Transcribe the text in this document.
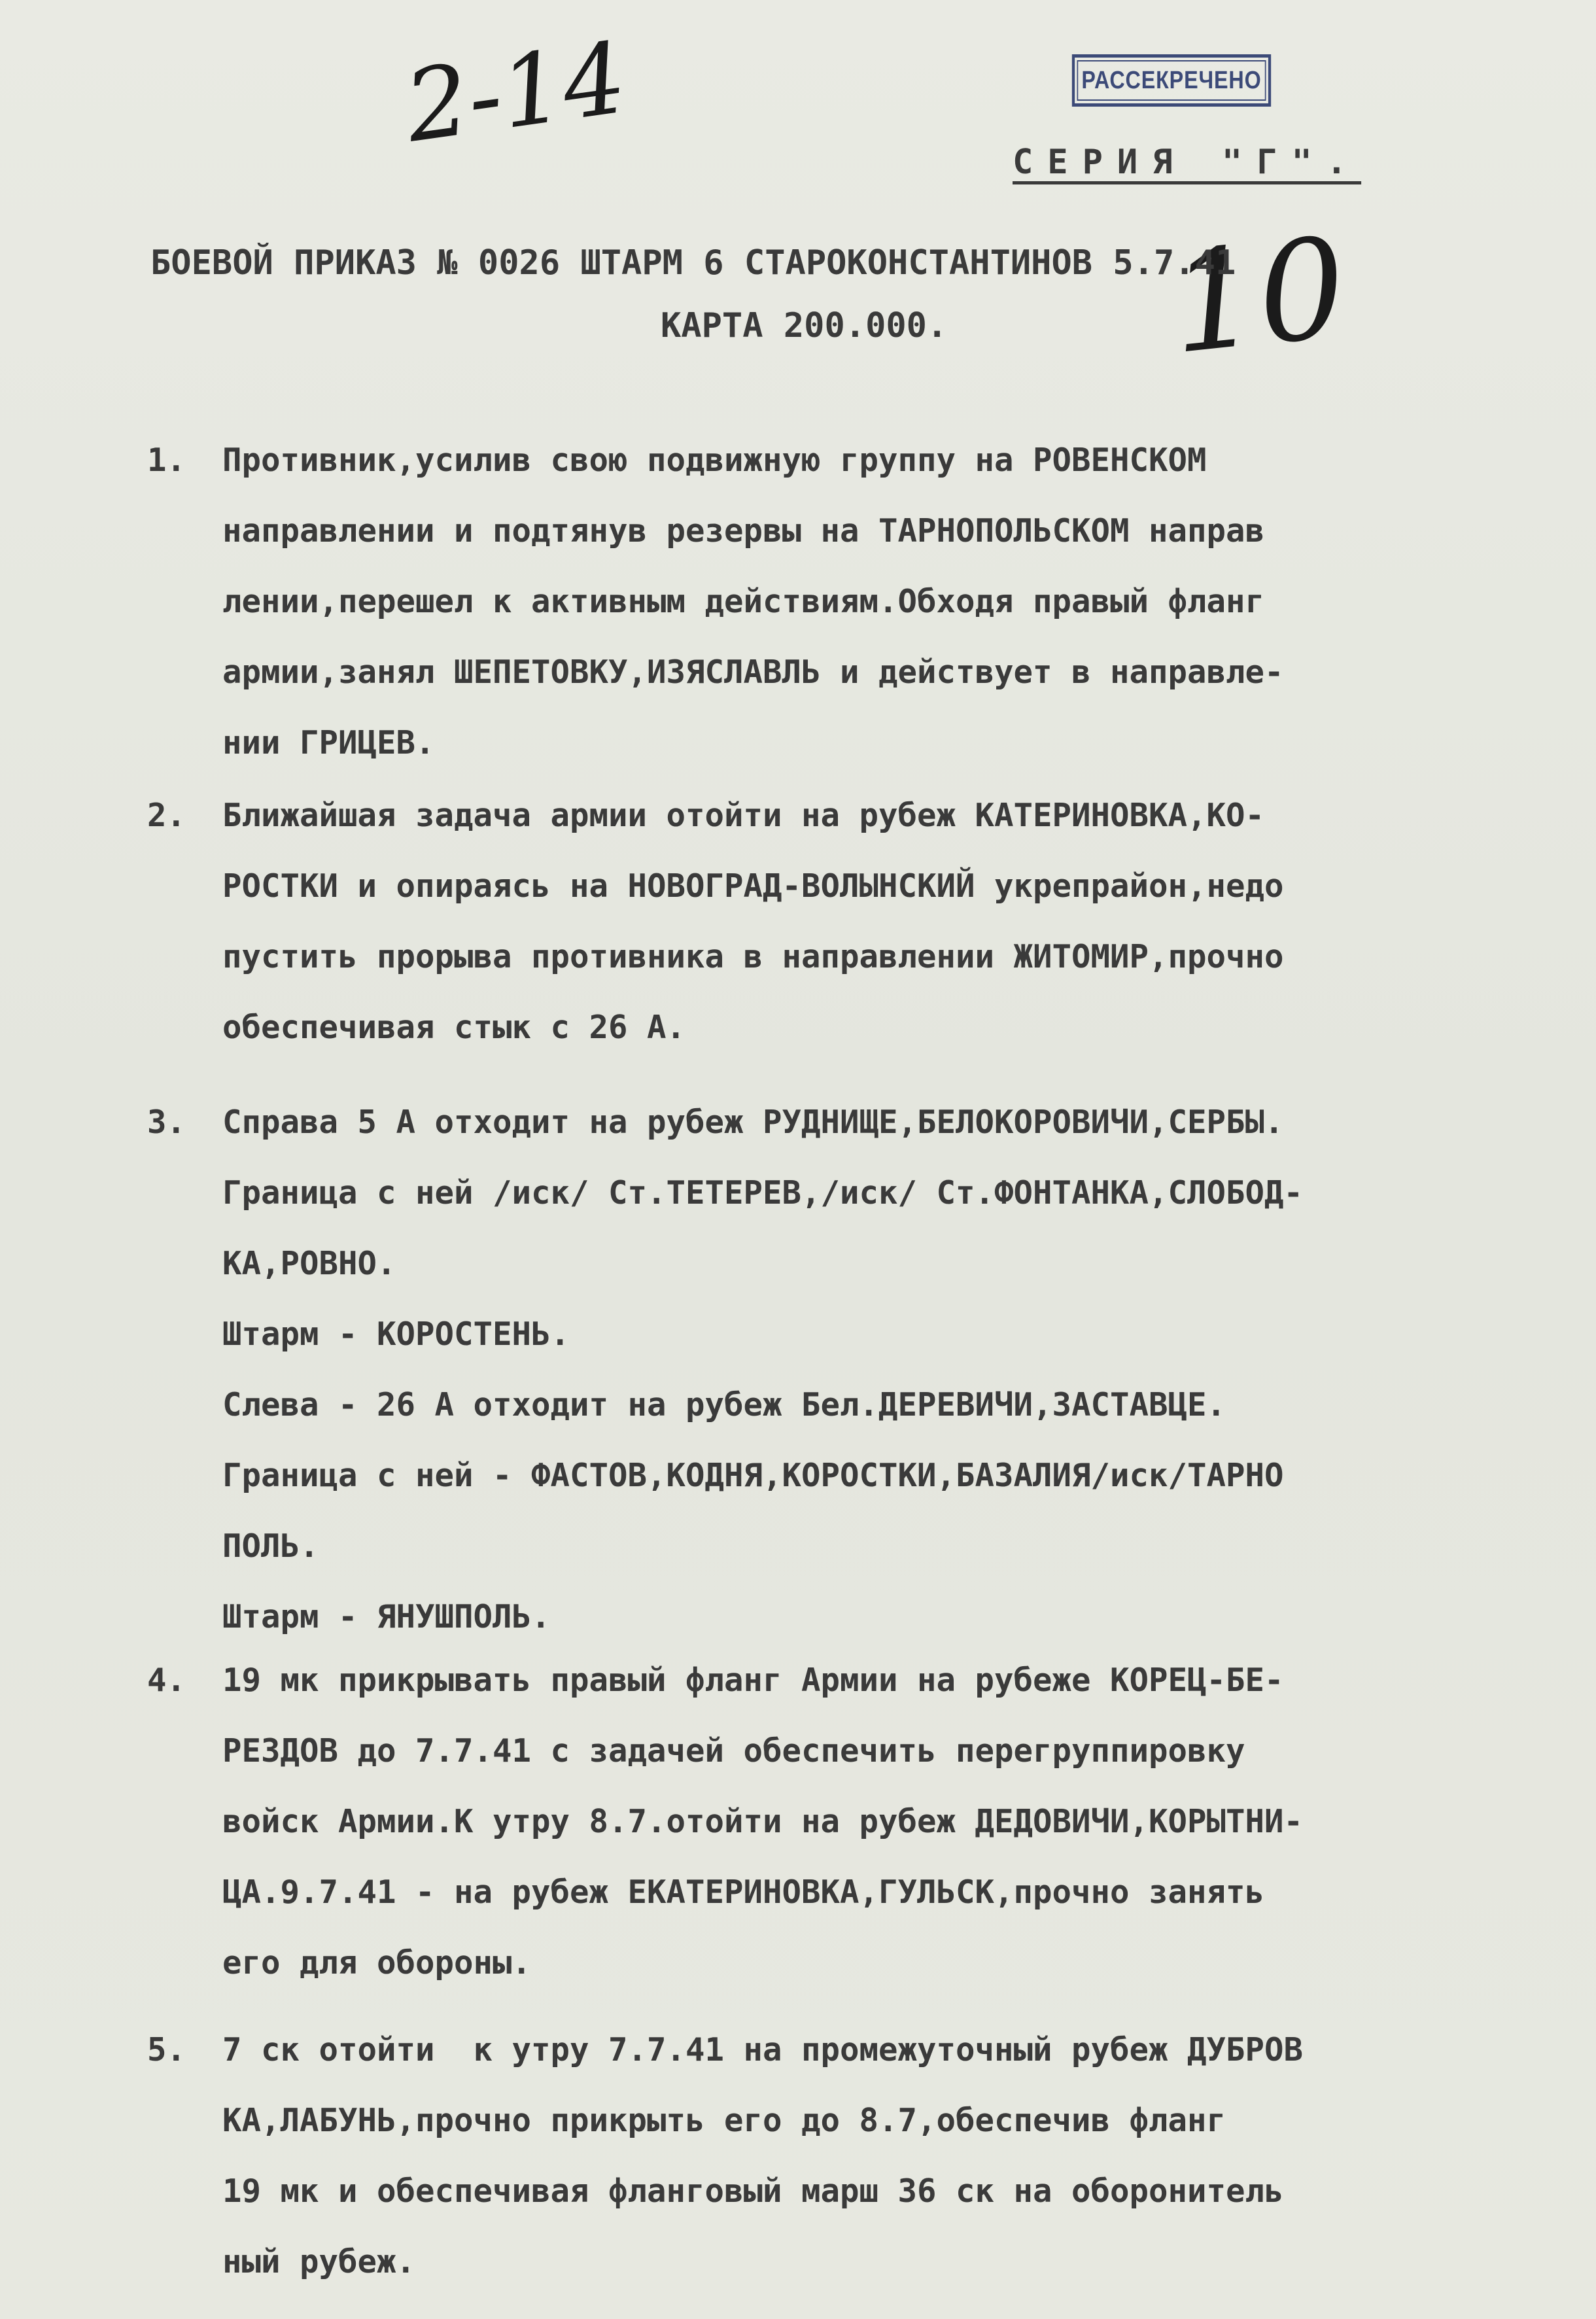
РАССЕКРЕЧЕНО
2-14
10
СЕРИЯ "Г".
БОЕВОЙ ПРИКАЗ № 0026 ШТАРМ 6 СТАРОКОНСТАНТИНОВ 5.7.41
КАРТА 200.000.
1.	Противник,усилив свою подвижную группу на РОВЕНСКОМ
направлении и подтянув резервы на ТАРНОПОЛЬСКОМ направ
лении,перешел к активным действиям.Обходя правый фланг
армии,занял ШЕПЕТОВКУ,ИЗЯСЛАВЛЬ и действует в направле-
нии ГРИЦЕВ.
2.	Ближайшая задача армии отойти на рубеж КАТЕРИНОВКА,КО-
РОСТКИ и опираясь на НОВОГРАД-ВОЛЫНСКИЙ укрепрайон,недо
пустить прорыва противника в направлении ЖИТОМИР,прочно
обеспечивая стык с 26 А.
3.	Справа 5 А отходит на рубеж РУДНИЩЕ,БЕЛОКОРОВИЧИ,СЕРБЫ.
Граница с ней /иск/ Ст.ТЕТЕРЕВ,/иск/ Ст.ФОНТАНКА,СЛОБОД-
КА,РОВНО.
Штарм - КОРОСТЕНЬ.
Слева - 26 А отходит на рубеж Бел.ДЕРЕВИЧИ,ЗАСТАВЦЕ.
Граница с ней - ФАСТОВ,КОДНЯ,КОРОСТКИ,БАЗАЛИЯ/иск/ТАРНО
ПОЛЬ.
Штарм - ЯНУШПОЛЬ.
4.	19 мк прикрывать правый фланг Армии на рубеже КОРЕЦ-БЕ-
РЕЗДОВ до 7.7.41 с задачей обеспечить перегруппировку
войск Армии.К утру 8.7.отойти на рубеж ДЕДОВИЧИ,КОРЫТНИ-
ЦА.9.7.41 - на рубеж ЕКАТЕРИНОВКА,ГУЛЬСК,прочно занять
его для обороны.
5.	7 ск отойти  к утру 7.7.41 на промежуточный рубеж ДУБРОВ
КА,ЛАБУНЬ,прочно прикрыть его до 8.7,обеспечив фланг
19 мк и обеспечивая фланговый марш 36 ск на оборонитель
ный рубеж.
